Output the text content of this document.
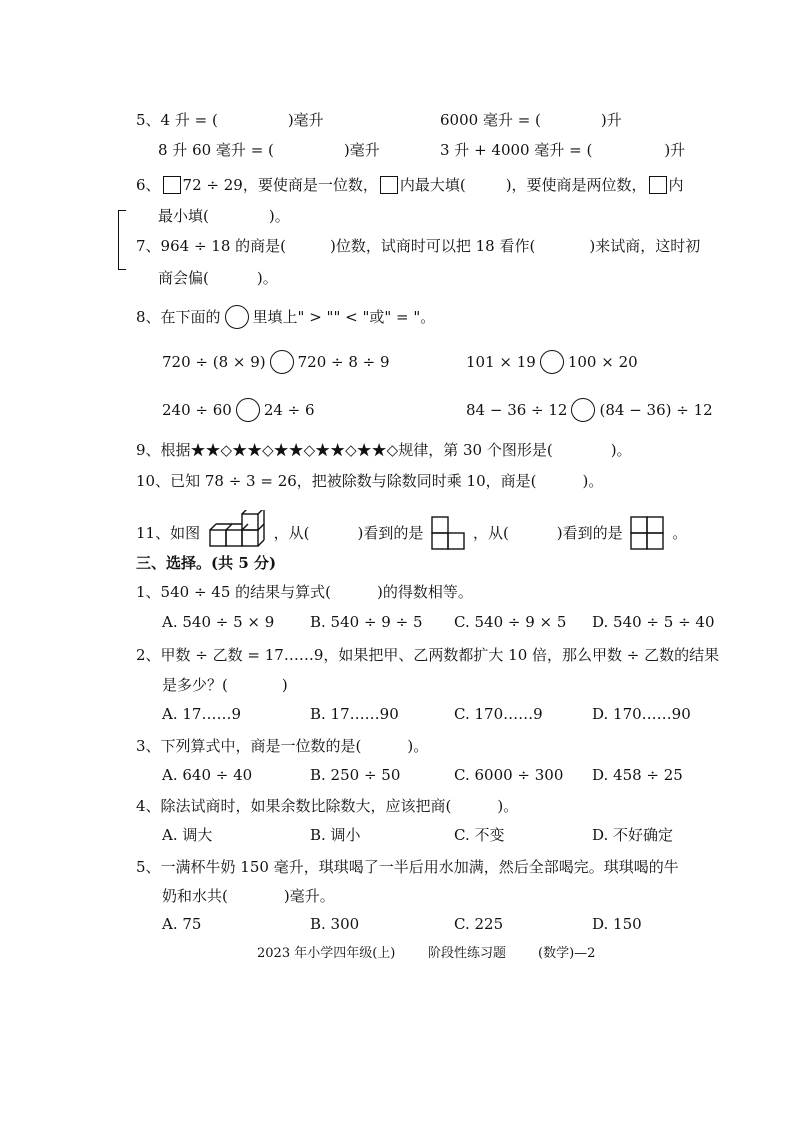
5、4 升 = (	)毫升	6000 毫升 = (	)升
8 升 60 毫升 = (	)毫升	3 升 + 4000 毫升 = (	)升
6、 72 ÷ 29，要使商是一位数， 内最大填(	)，要使商是两位数， 内
最小填(	)。
7、964 ÷ 18 的商是(	)位数，试商时可以把 18 看作(	)来试商，这时初
商会偏(	)。
8、在下面的 里填上" > "" < "或" = "。
720 ÷ (8 × 9) 720 ÷ 8 ÷ 9	101 × 19 100 × 20
240 ÷ 60 24 ÷ 6	84 − 36 ÷ 12 (84 − 36) ÷ 12
9、根据★★◇★★◇★★◇★★◇★★◇规律，第 30 个图形是(	)。
10、已知 78 ÷ 3 = 26，把被除数与除数同时乘 10，商是(	)。
11、如图	，从(	)看到的是	，从(	)看到的是	。
三、选择。(共 5 分)
1、540 ÷ 45 的结果与算式(	)的得数相等。
A. 540 ÷ 5 × 9 B. 540 ÷ 9 ÷ 5 C. 540 ÷ 9 × 5 D. 540 ÷ 5 ÷ 40
2、甲数 ÷ 乙数 = 17……9，如果把甲、乙两数都扩大 10 倍，那么甲数 ÷ 乙数的结果
是多少？(	)
A. 17……9	B. 17……90	C. 170……9	D. 170……90
3、下列算式中，商是一位数的是(	)。
A. 640 ÷ 40	B. 250 ÷ 50	C. 6000 ÷ 300 D. 458 ÷ 25
4、除法试商时，如果余数比除数大，应该把商(	)。
A. 调大	B. 调小	C. 不变	D. 不好确定
5、一满杯牛奶 150 毫升，琪琪喝了一半后用水加满，然后全部喝完。琪琪喝的牛
奶和水共(	)毫升。
A. 75	B. 300	C. 225	D. 150
2023 年小学四年级(上)	阶段性练习题 (数学)—2
